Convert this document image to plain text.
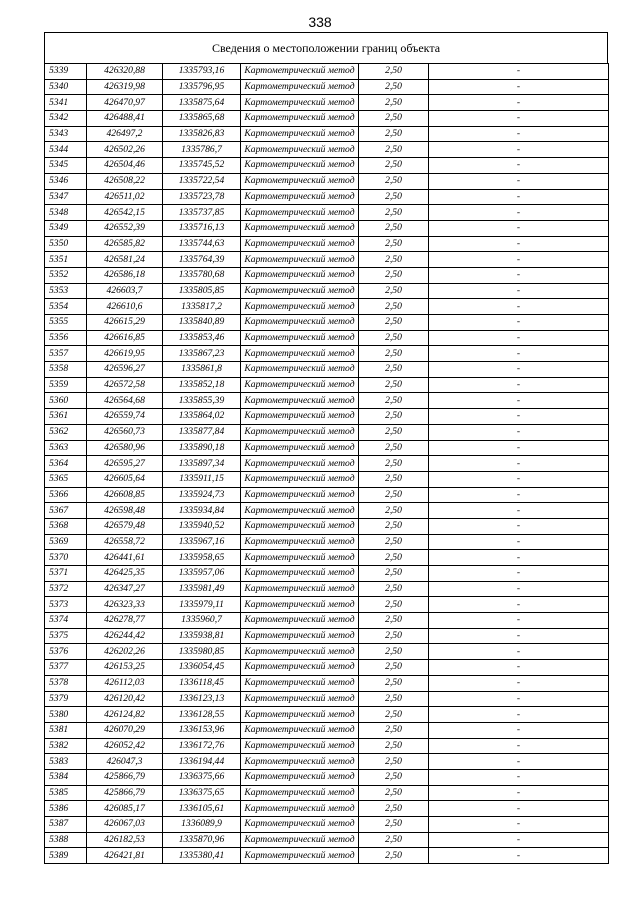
338
Сведения о местоположении границ объекта
5339	426320,88	1335793,16	Картометрический метод	2,50	-
5340	426319,98	1335796,95	Картометрический метод	2,50	-
5341	426470,97	1335875,64	Картометрический метод	2,50	-
5342	426488,41	1335865,68	Картометрический метод	2,50	-
5343	426497,2	1335826,83	Картометрический метод	2,50	-
5344	426502,26	1335786,7	Картометрический метод	2,50	-
5345	426504,46	1335745,52	Картометрический метод	2,50	-
5346	426508,22	1335722,54	Картометрический метод	2,50	-
5347	426511,02	1335723,78	Картометрический метод	2,50	-
5348	426542,15	1335737,85	Картометрический метод	2,50	-
5349	426552,39	1335716,13	Картометрический метод	2,50	-
5350	426585,82	1335744,63	Картометрический метод	2,50	-
5351	426581,24	1335764,39	Картометрический метод	2,50	-
5352	426586,18	1335780,68	Картометрический метод	2,50	-
5353	426603,7	1335805,85	Картометрический метод	2,50	-
5354	426610,6	1335817,2	Картометрический метод	2,50	-
5355	426615,29	1335840,89	Картометрический метод	2,50	-
5356	426616,85	1335853,46	Картометрический метод	2,50	-
5357	426619,95	1335867,23	Картометрический метод	2,50	-
5358	426596,27	1335861,8	Картометрический метод	2,50	-
5359	426572,58	1335852,18	Картометрический метод	2,50	-
5360	426564,68	1335855,39	Картометрический метод	2,50	-
5361	426559,74	1335864,02	Картометрический метод	2,50	-
5362	426560,73	1335877,84	Картометрический метод	2,50	-
5363	426580,96	1335890,18	Картометрический метод	2,50	-
5364	426595,27	1335897,34	Картометрический метод	2,50	-
5365	426605,64	1335911,15	Картометрический метод	2,50	-
5366	426608,85	1335924,73	Картометрический метод	2,50	-
5367	426598,48	1335934,84	Картометрический метод	2,50	-
5368	426579,48	1335940,52	Картометрический метод	2,50	-
5369	426558,72	1335967,16	Картометрический метод	2,50	-
5370	426441,61	1335958,65	Картометрический метод	2,50	-
5371	426425,35	1335957,06	Картометрический метод	2,50	-
5372	426347,27	1335981,49	Картометрический метод	2,50	-
5373	426323,33	1335979,11	Картометрический метод	2,50	-
5374	426278,77	1335960,7	Картометрический метод	2,50	-
5375	426244,42	1335938,81	Картометрический метод	2,50	-
5376	426202,26	1335980,85	Картометрический метод	2,50	-
5377	426153,25	1336054,45	Картометрический метод	2,50	-
5378	426112,03	1336118,45	Картометрический метод	2,50	-
5379	426120,42	1336123,13	Картометрический метод	2,50	-
5380	426124,82	1336128,55	Картометрический метод	2,50	-
5381	426070,29	1336153,96	Картометрический метод	2,50	-
5382	426052,42	1336172,76	Картометрический метод	2,50	-
5383	426047,3	1336194,44	Картометрический метод	2,50	-
5384	425866,79	1336375,66	Картометрический метод	2,50	-
5385	425866,79	1336375,65	Картометрический метод	2,50	-
5386	426085,17	1336105,61	Картометрический метод	2,50	-
5387	426067,03	1336089,9	Картометрический метод	2,50	-
5388	426182,53	1335870,96	Картометрический метод	2,50	-
5389	426421,81	1335380,41	Картометрический метод	2,50	-
